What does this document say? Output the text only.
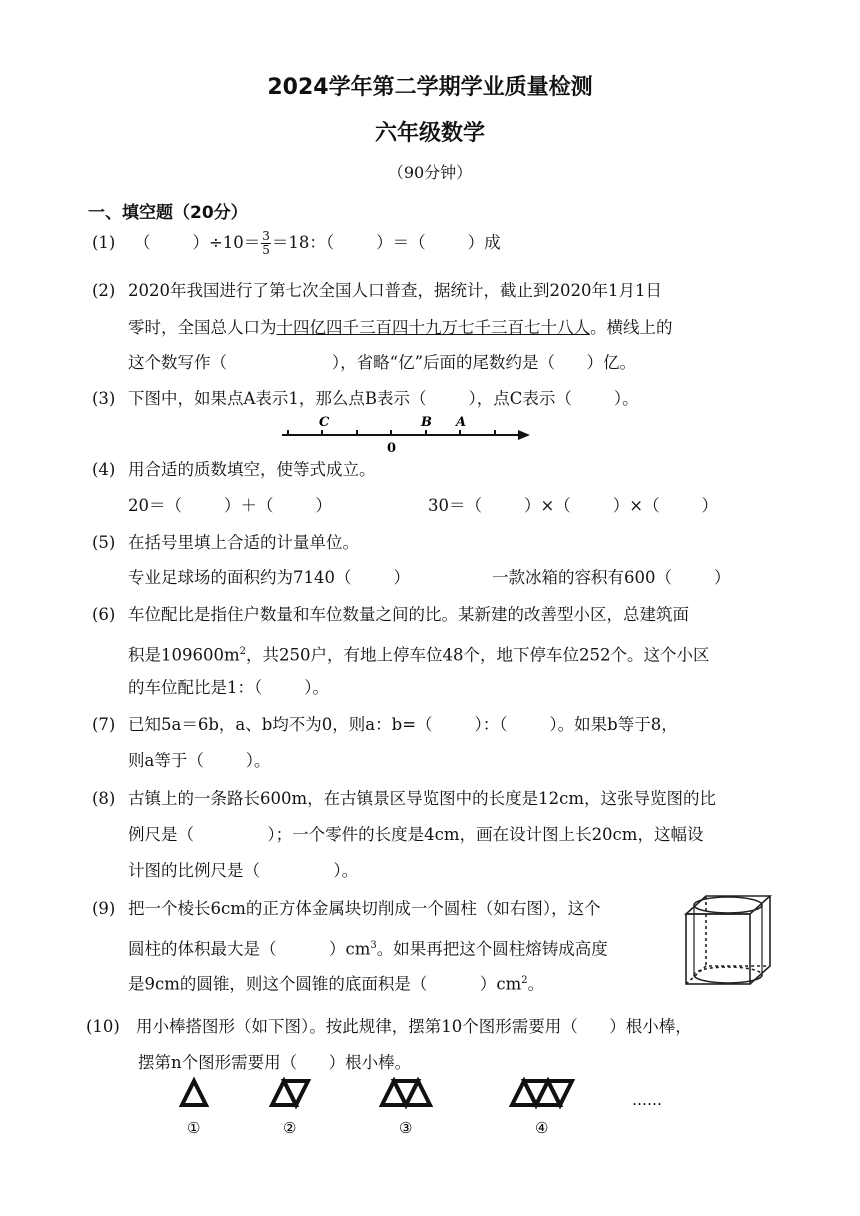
2024学年第二学期学业质量检测
六年级数学
（90分钟）
一、填空题（20分）
(1) （        ）$\div 10= \frac{3}{5} =18$：（        ）＝（        ）成
(2) 2020年我国进行了第七次全国人口普查，据统计，截止到2020年1月1日
零时，全国总人口为十四亿四千三百四十九万七千三百七十八人。横线上的
这个数写作（                    ），省略“亿”后面的尾数约是（      ）亿。
(3) 下图中，如果点A表示1，那么点B表示（        ），点C表示（        ）。
C	B A
0
(4) 用合适的质数填空，使等式成立。
20＝（        ）＋（        ）	30＝（        ）×（        ）×（        ）
(5) 在括号里填上合适的计量单位。
专业足球场的面积约为7140（        ）	一款冰箱的容积有600（        ）
(6) 车位配比是指住户数量和车位数量之间的比。某新建的改善型小区，总建筑面
积是$109600m^2$，共250户，有地上停车位48个，地下停车位252个。这个小区
的车位配比是1：（        ）。
(7) 已知5a＝6b，a、b均不为0，则a：b=（        ）：（        ）。如果b等于8，
则a等于（        ）。
(8) 古镇上的一条路长600m，在古镇景区导览图中的长度是12cm，这张导览图的比
例尺是（              ）；一个零件的长度是4cm，画在设计图上长20cm，这幅设
计图的比例尺是（              ）。
(9) 把一个棱长6cm的正方体金属块切削成一个圆柱（如右图），这个
圆柱的体积最大是（          ）$cm^3$。如果再把这个圆柱熔铸成高度
是9cm的圆锥，则这个圆锥的底面积是（          ）$cm^2$。
(10) 用小棒搭图形（如下图）。按此规律，摆第10个图形需要用（      ）根小棒，
摆第n个图形需要用（      ）根小棒。
①	②	③	④
……
